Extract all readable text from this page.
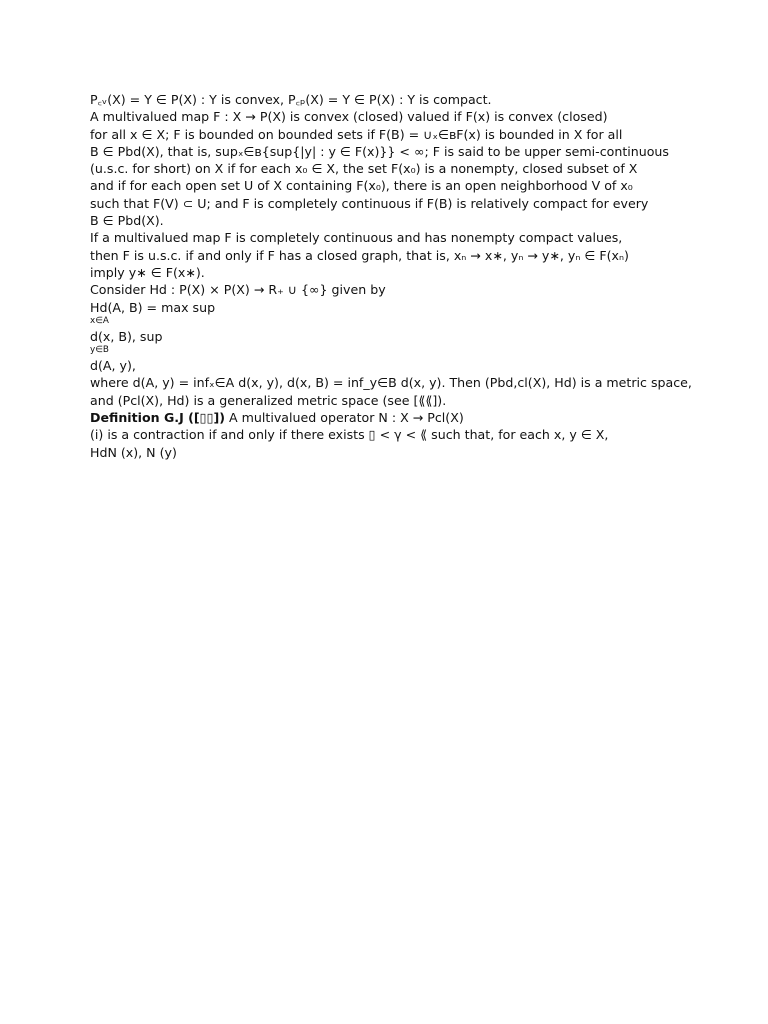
P꜀ᵥ(X) = Y ∈ P(X) : Y is convex, P꜀ₚ(X) = Y ∈ P(X) : Y is compact.
A multivalued map F : X → P(X) is convex (closed) valued if F(x) is convex (closed)
for all x ∈ X; F is bounded on bounded sets if F(B) = ∪ₓ∈ʙF(x) is bounded in X for all
B ∈ Pbd(X), that is, supₓ∈ʙ{sup{|y| : y ∈ F(x)}} < ∞; F is said to be upper semi-continuous
(u.s.c. for short) on X if for each x₀ ∈ X, the set F(x₀) is a nonempty, closed subset of X
and if for each open set U of X containing F(x₀), there is an open neighborhood V of x₀
such that F(V) ⊂ U; and F is completely continuous if F(B) is relatively compact for every
B ∈ Pbd(X).
If a multivalued map F is completely continuous and has nonempty compact values,
then F is u.s.c. if and only if F has a closed graph, that is, xₙ → x∗, yₙ → y∗, yₙ ∈ F(xₙ)
imply y∗ ∈ F(x∗).
Consider Hd : P(X) × P(X) → R₊ ∪ {∞} given by
Hd(A, B) = max sup
x∈A
d(x, B), sup
y∈B
d(A, y),
where d(A, y) = infₓ∈A d(x, y), d(x, B) = inf_y∈B d(x, y). Then (Pbd,cl(X), Hd) is a metric space,
and (Pcl(X), Hd) is a generalized metric space (see [⟪⟪]).
Definition G.J ([▯▯]) A multivalued operator N : X → Pcl(X)
(i) is a contraction if and only if there exists ▯ < γ < ⟪ such that, for each x, y ∈ X,
HdN (x), N (y)
